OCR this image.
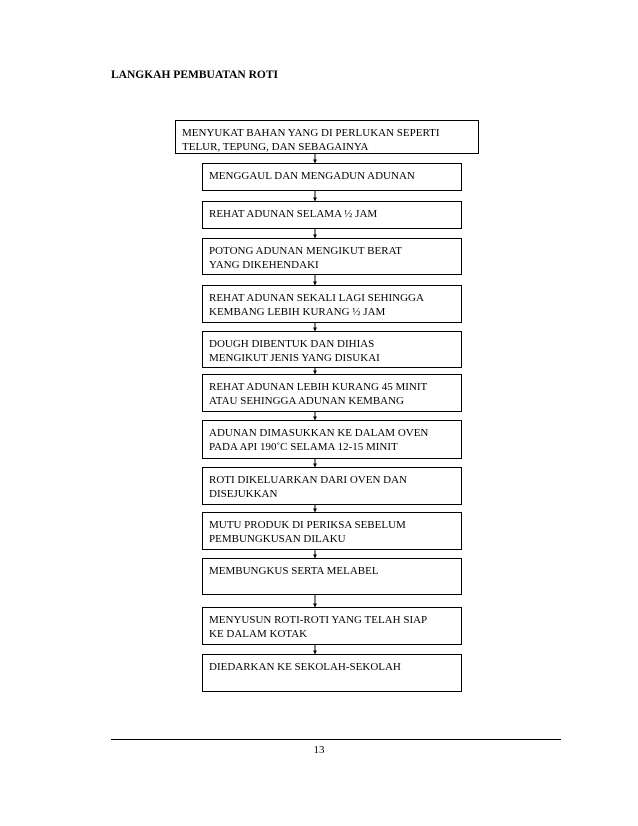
LANGKAH PEMBUATAN ROTI
MENYUKAT BAHAN YANG DI PERLUKAN SEPERTI
TELUR, TEPUNG, DAN SEBAGAINYA
MENGGAUL DAN MENGADUN ADUNAN
REHAT ADUNAN SELAMA ½ JAM
POTONG ADUNAN MENGIKUT BERAT
YANG DIKEHENDAKI
REHAT ADUNAN SEKALI LAGI SEHINGGA
KEMBANG LEBIH KURANG ½ JAM
DOUGH DIBENTUK DAN DIHIAS
MENGIKUT JENIS YANG DISUKAI
REHAT ADUNAN LEBIH KURANG 45 MINIT
ATAU SEHINGGA ADUNAN KEMBANG
ADUNAN DIMASUKKAN KE DALAM OVEN
PADA API 190˚C SELAMA 12-15 MINIT
ROTI DIKELUARKAN DARI OVEN DAN
DISEJUKKAN
MUTU PRODUK DI PERIKSA SEBELUM
PEMBUNGKUSAN DILAKU
MEMBUNGKUS SERTA MELABEL
MENYUSUN ROTI-ROTI YANG TELAH SIAP
KE DALAM KOTAK
DIEDARKAN KE SEKOLAH-SEKOLAH
13
